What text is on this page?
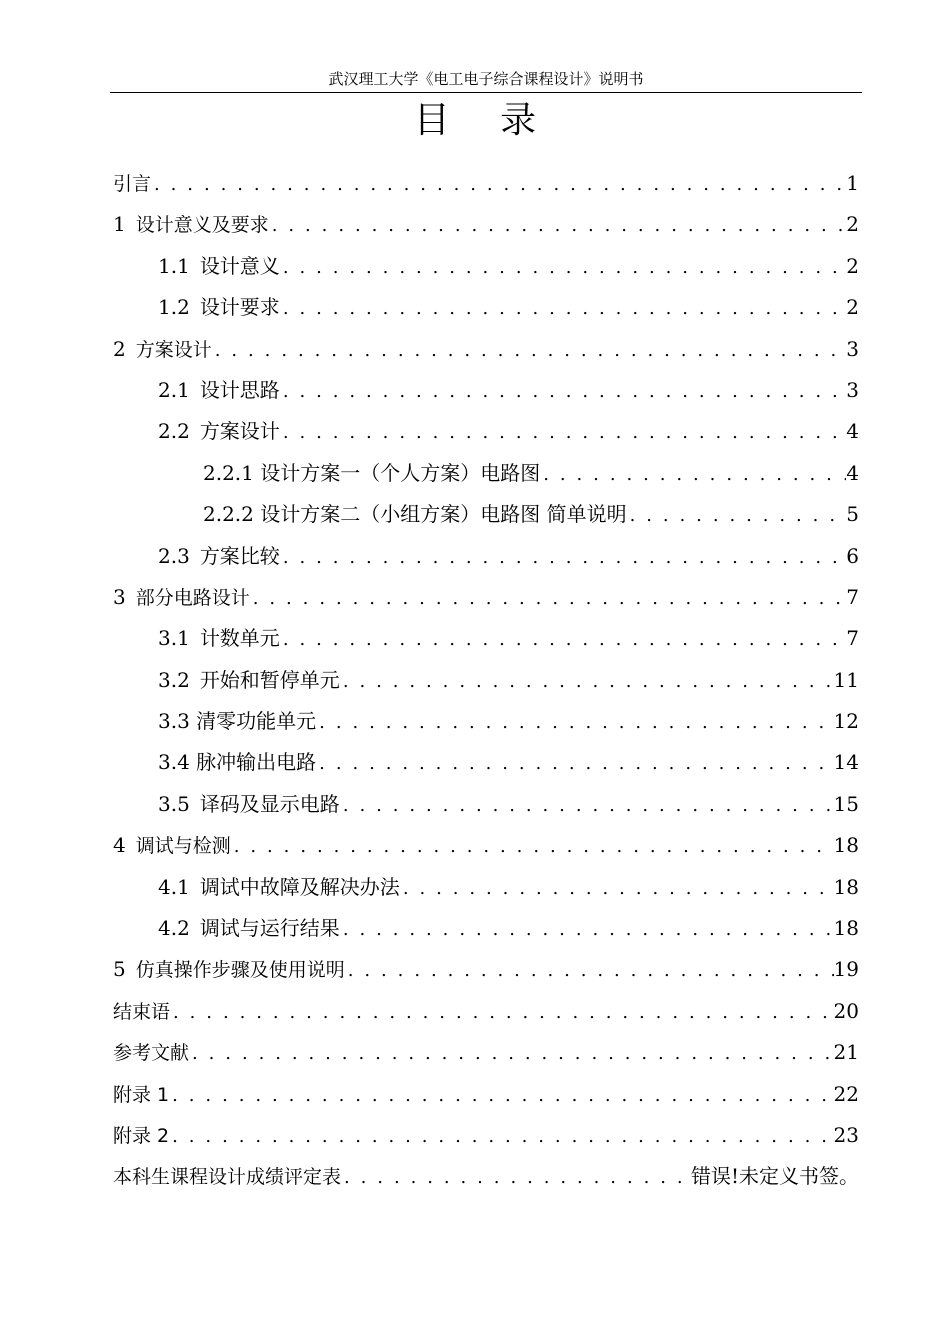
武汉理工大学《电工电子综合课程设计》说明书
目录
引言 . . .	1
1 设计意义及要求 . . .	2
1.1 设计意义 . . .	2
1.2 设计要求 . . .	2
2 方案设计 . . .	3
2.1 设计思路 . . .	3
2.2 方案设计 . . .	4
2.2.1 设计方案一（个人方案）电路图 . . .	4
2.2.2 设计方案二（小组方案）电路图 简单说明 . . .	5
2.3 方案比较 . . .	6
3 部分电路设计 . . .	7
3.1 计数单元 . . .	7
3.2 开始和暂停单元 . . .	11
3.3 清零功能单元 . . .	12
3.4 脉冲输出电路 . . .	14
3.5 译码及显示电路 . . .	15
4 调试与检测 . . .	18
4.1 调试中故障及解决办法 . . .	18
4.2 调试与运行结果 . . .	18
5 仿真操作步骤及使用说明 . . .	19
结束语 . . .	20
参考文献 . . .	21
附录 1 . . .	22
附录 2 . . .	23
本科生课程设计成绩评定表 . . .	错误!未定义书签。
